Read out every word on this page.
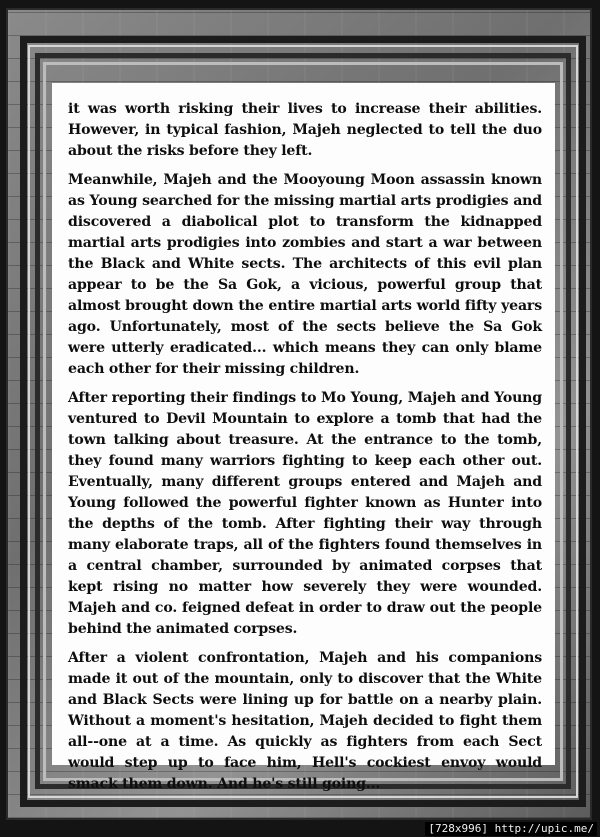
it was worth risking their lives to increase their abilities. However, in typical fashion, Majeh neglected to tell the duo about the risks before they left.

Meanwhile, Majeh and the Mooyoung Moon assassin known as Young searched for the missing martial arts prodigies and discovered a diabolical plot to transform the kidnapped martial arts prodigies into zombies and start a war between the Black and White sects. The architects of this evil plan appear to be the Sa Gok, a vicious, powerful group that almost brought down the entire martial arts world fifty years ago. Unfortunately, most of the sects believe the Sa Gok were utterly eradicated... which means they can only blame each other for their missing children.

After reporting their findings to Mo Young, Majeh and Young ventured to Devil Mountain to explore a tomb that had the town talking about treasure. At the entrance to the tomb, they found many warriors fighting to keep each other out. Eventually, many different groups entered and Majeh and Young followed the powerful fighter known as Hunter into the depths of the tomb. After fighting their way through many elaborate traps, all of the fighters found themselves in a central chamber, surrounded by animated corpses that kept rising no matter how severely they were wounded. Majeh and co. feigned defeat in order to draw out the people behind the animated corpses.

After a violent confrontation, Majeh and his companions made it out of the mountain, only to discover that the White and Black Sects were lining up for battle on a nearby plain. Without a moment's hesitation, Majeh decided to fight them all--one at a time. As quickly as fighters from each Sect would step up to face him, Hell's cockiest envoy would smack them down. And he's still going...

[728x996] http://upic.me/
